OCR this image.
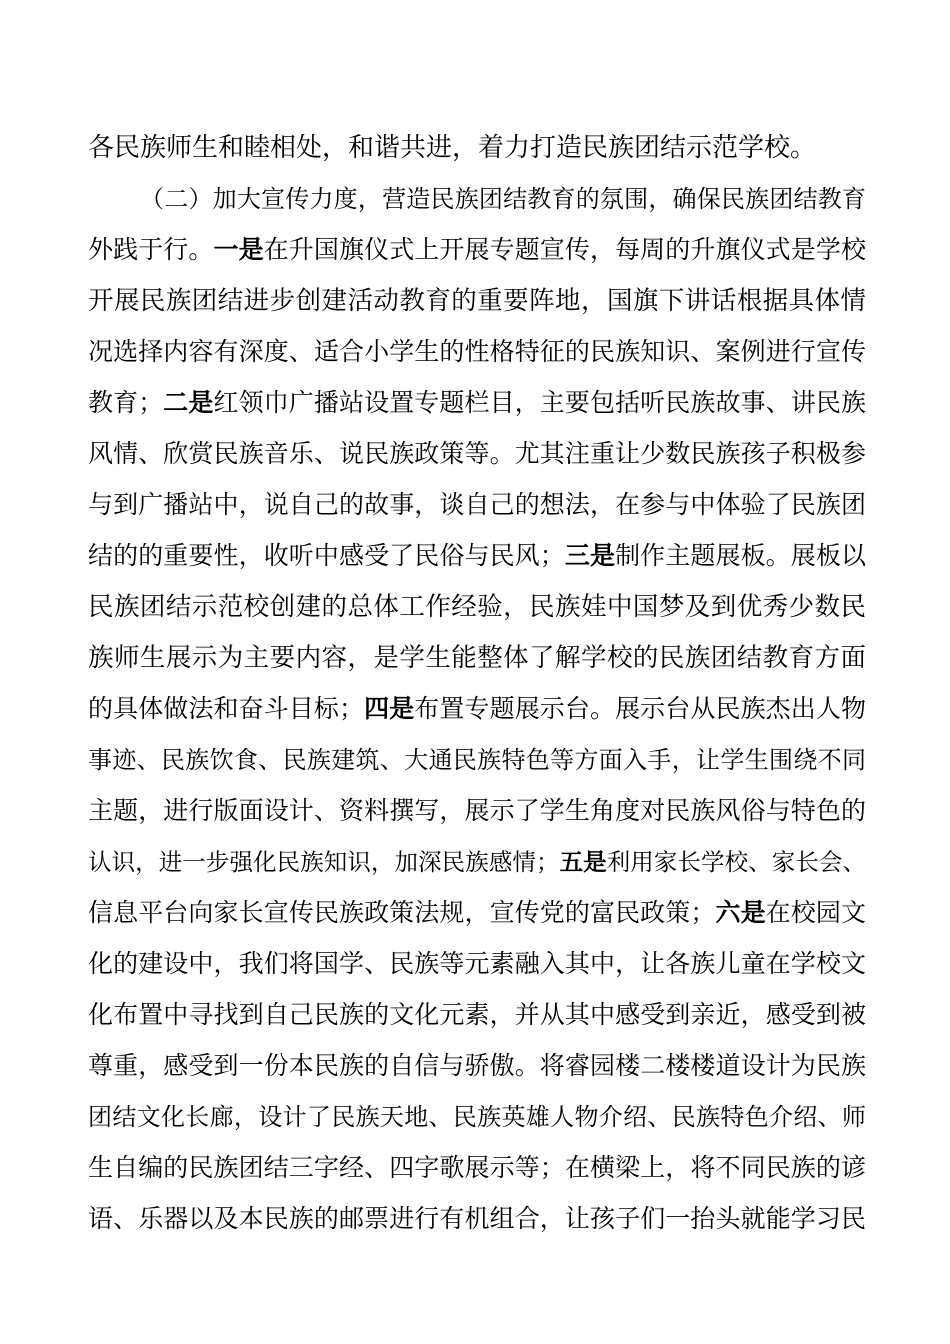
各民族师生和睦相处，和谐共进，着力打造民族团结示范学校。
（二）加大宣传力度，营造民族团结教育的氛围，确保民族团结教育
外践于行。一是在升国旗仪式上开展专题宣传，每周的升旗仪式是学校
开展民族团结进步创建活动教育的重要阵地，国旗下讲话根据具体情
况选择内容有深度、适合小学生的性格特征的民族知识、案例进行宣传
教育；二是红领巾广播站设置专题栏目，主要包括听民族故事、讲民族
风情、欣赏民族音乐、说民族政策等。尤其注重让少数民族孩子积极参
与到广播站中，说自己的故事，谈自己的想法，在参与中体验了民族团
结的的重要性，收听中感受了民俗与民风；三是制作主题展板。展板以
民族团结示范校创建的总体工作经验，民族娃中国梦及到优秀少数民
族师生展示为主要内容，是学生能整体了解学校的民族团结教育方面
的具体做法和奋斗目标；四是布置专题展示台。展示台从民族杰出人物
事迹、民族饮食、民族建筑、大通民族特色等方面入手，让学生围绕不同
主题，进行版面设计、资料撰写，展示了学生角度对民族风俗与特色的
认识，进一步强化民族知识，加深民族感情；五是利用家长学校、家长会、
信息平台向家长宣传民族政策法规，宣传党的富民政策；六是在校园文
化的建设中，我们将国学、民族等元素融入其中，让各族儿童在学校文
化布置中寻找到自己民族的文化元素，并从其中感受到亲近，感受到被
尊重，感受到一份本民族的自信与骄傲。将睿园楼二楼楼道设计为民族
团结文化长廊，设计了民族天地、民族英雄人物介绍、民族特色介绍、师
生自编的民族团结三字经、四字歌展示等；在横梁上，将不同民族的谚
语、乐器以及本民族的邮票进行有机组合，让孩子们一抬头就能学习民
